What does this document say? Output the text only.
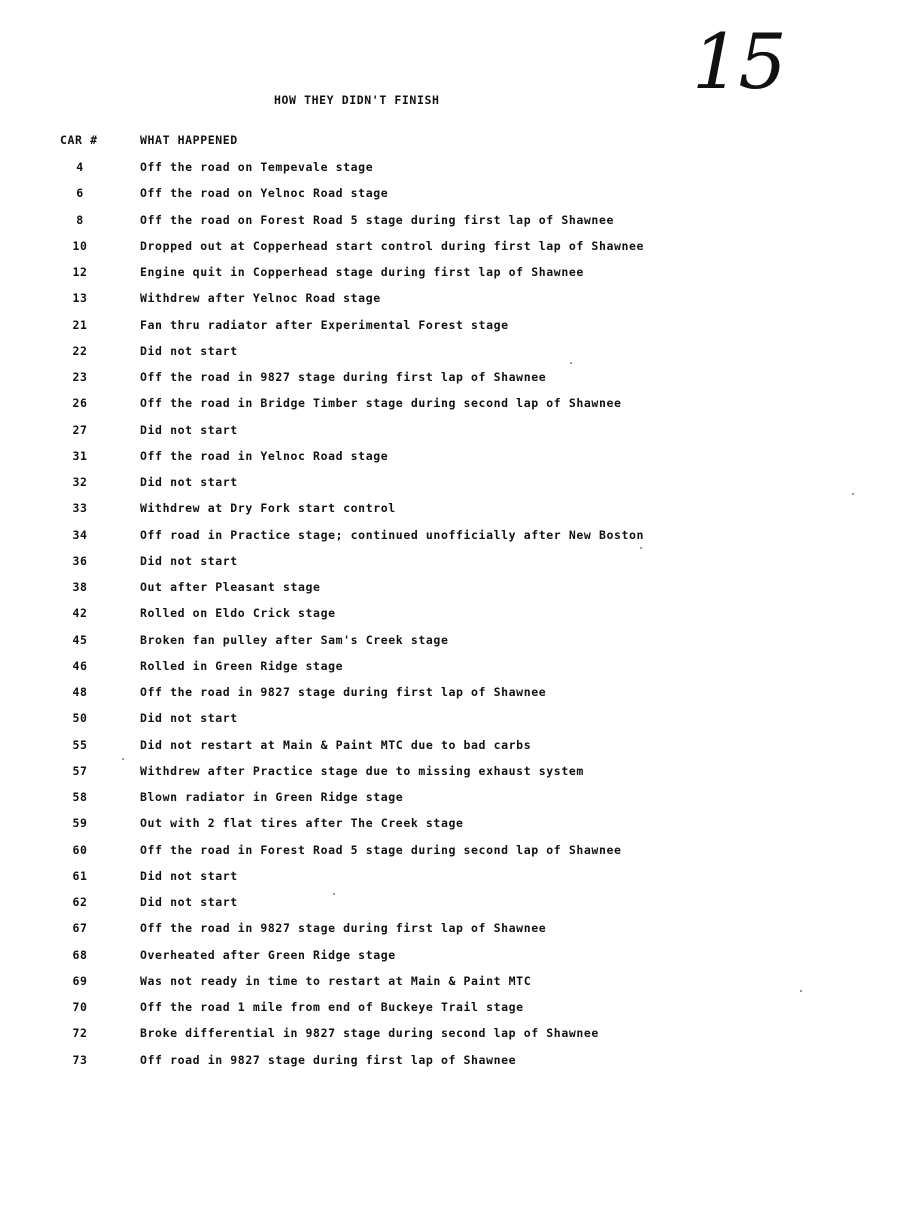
15
HOW THEY DIDN'T FINISH
CAR #	WHAT HAPPENED
4	Off the road on Tempevale stage
6	Off the road on Yelnoc Road stage
8	Off the road on Forest Road 5 stage during first lap of Shawnee
10	Dropped out at Copperhead start control during first lap of Shawnee
12	Engine quit in Copperhead stage during first lap of Shawnee
13	Withdrew after Yelnoc Road stage
21	Fan thru radiator after Experimental Forest stage
22	Did not start
23	Off the road in 9827 stage during first lap of Shawnee
26	Off the road in Bridge Timber stage during second lap of Shawnee
27	Did not start
31	Off the road in Yelnoc Road stage
32	Did not start
33	Withdrew at Dry Fork start control
34	Off road in Practice stage; continued unofficially after New Boston
36	Did not start
38	Out after Pleasant stage
42	Rolled on Eldo Crick stage
45	Broken fan pulley after Sam's Creek stage
46	Rolled in Green Ridge stage
48	Off the road in 9827 stage during first lap of Shawnee
50	Did not start
55	Did not restart at Main & Paint MTC due to bad carbs
57	Withdrew after Practice stage due to missing exhaust system
58	Blown radiator in Green Ridge stage
59	Out with 2 flat tires after The Creek stage
60	Off the road in Forest Road 5 stage during second lap of Shawnee
61	Did not start
62	Did not start
67	Off the road in 9827 stage during first lap of Shawnee
68	Overheated after Green Ridge stage
69	Was not ready in time to restart at Main & Paint MTC
70	Off the road 1 mile from end of Buckeye Trail stage
72	Broke differential in 9827 stage during second lap of Shawnee
73	Off road in 9827 stage during first lap of Shawnee
